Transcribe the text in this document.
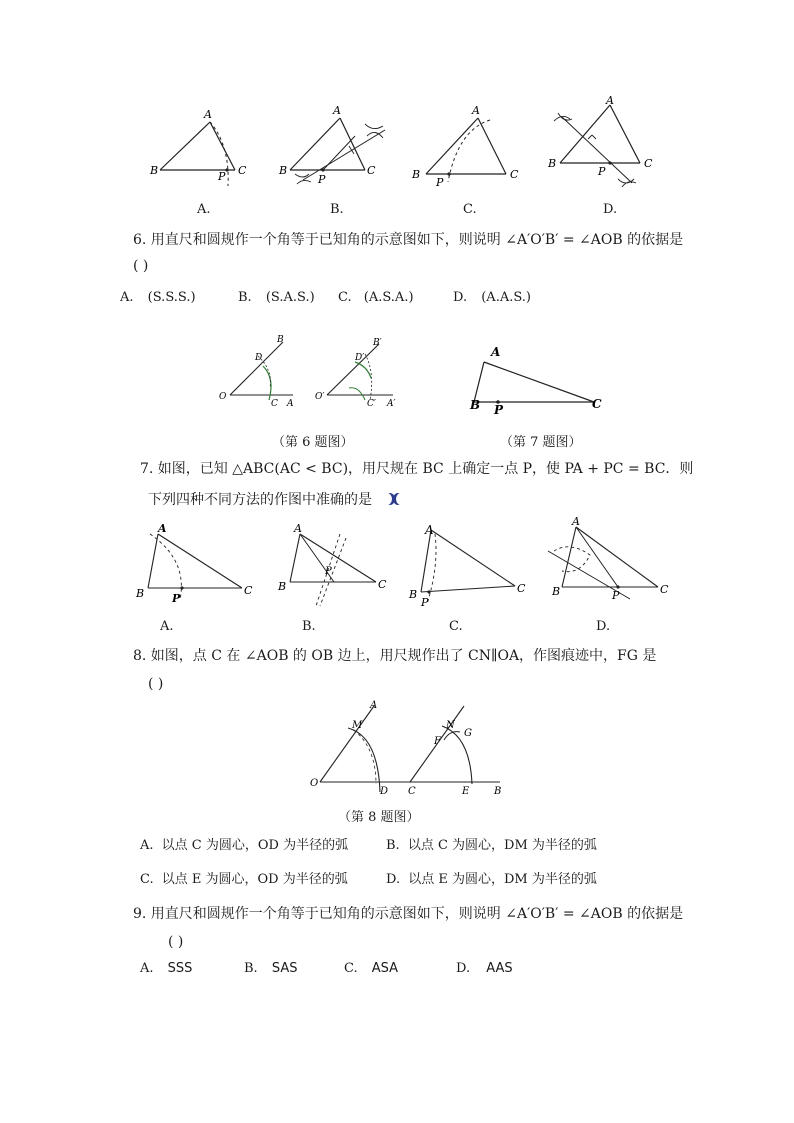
A
B	C
P
A.
A
B	C
P
B.
A
B	C
P
C.
A
B	C
P
D.
6. 用直尺和圆规作一个角等于已知角的示意图如下，则说明 ∠A′O′B′ = ∠AOB 的依据是
( )
A. (S.S.S.)	B. (S.A.S.) C. (A.S.A.)	D. (A.A.S.)
B
D
O
C A
B′
D′
O′
C′ A′
（第 6 题图）
A
B P	C
（第 7 题图）
7. 如图，已知 △ABC(AC < BC)，用尺规在 BC 上确定一点 P，使 PA + PC = BC．则
下列四种不同方法的作图中准确的是
A
B	P
C
A.
A
B
P
C
B.
A
B
P
C
C.
A
B	P	C
D.
8. 如图，点 C 在 ∠AOB 的 OB 边上，用尺规作出了 CN∥OA，作图痕迹中，FG 是
( )
A
M
O
D C
N
F
G
E B
（第 8 题图）
A. 以点 C 为圆心，OD 为半径的弧	B. 以点 C 为圆心，DM 为半径的弧
C. 以点 E 为圆心，OD 为半径的弧	D. 以点 E 为圆心，DM 为半径的弧
9. 用直尺和圆规作一个角等于已知角的示意图如下，则说明 ∠A′O′B′ = ∠AOB 的依据是
( )
A. SSS	B. SAS	C. ASA	D. AAS
